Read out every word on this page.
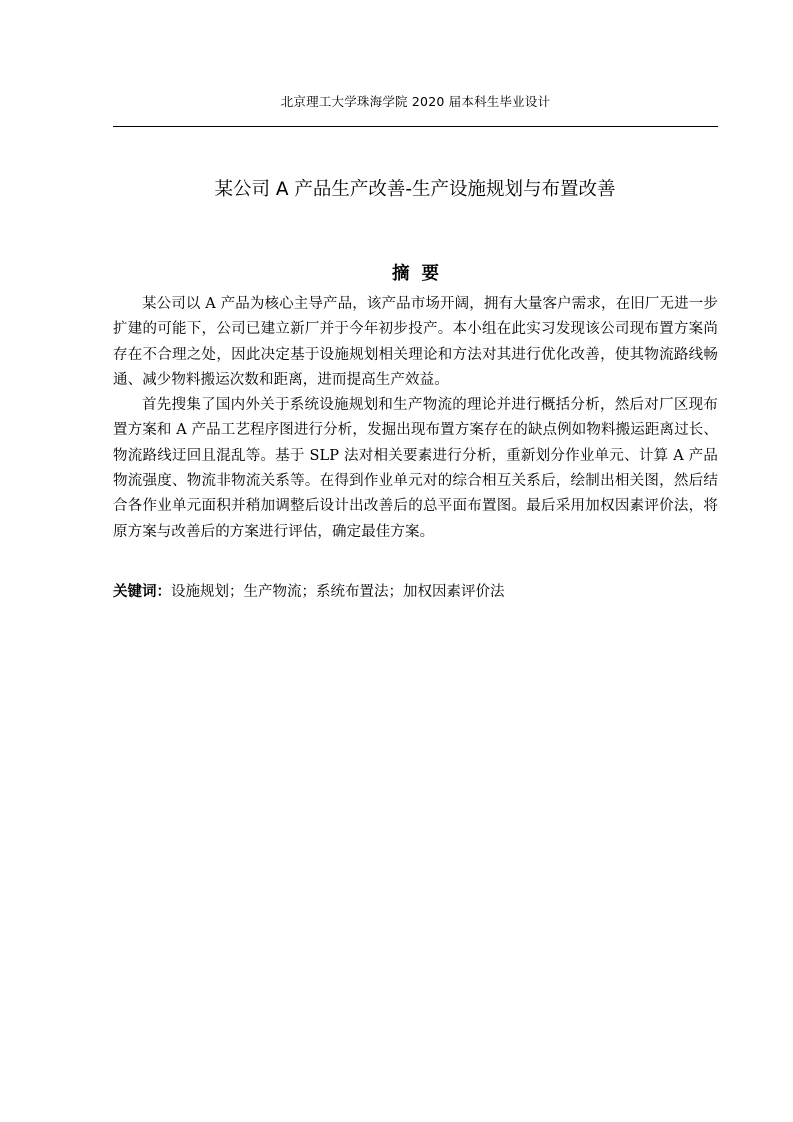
北京理工大学珠海学院 2020 届本科生毕业设计
某公司 A 产品生产改善-生产设施规划与布置改善
摘要

某公司以 A 产品为核心主导产品，该产品市场开阔，拥有大量客户需求，在旧厂无进一步扩建的可能下，公司已建立新厂并于今年初步投产。本小组在此实习发现该公司现布置方案尚存在不合理之处，因此决定基于设施规划相关理论和方法对其进行优化改善，使其物流路线畅通、减少物料搬运次数和距离，进而提高生产效益。

首先搜集了国内外关于系统设施规划和生产物流的理论并进行概括分析，然后对厂区现布置方案和 A 产品工艺程序图进行分析，发掘出现布置方案存在的缺点例如物料搬运距离过长、物流路线迂回且混乱等。基于 SLP 法对相关要素进行分析，重新划分作业单元、计算 A 产品物流强度、物流非物流关系等。在得到作业单元对的综合相互关系后，绘制出相关图，然后结合各作业单元面积并稍加调整后设计出改善后的总平面布置图。最后采用加权因素评价法，将原方案与改善后的方案进行评估，确定最佳方案。

关键词：设施规划；生产物流；系统布置法；加权因素评价法
